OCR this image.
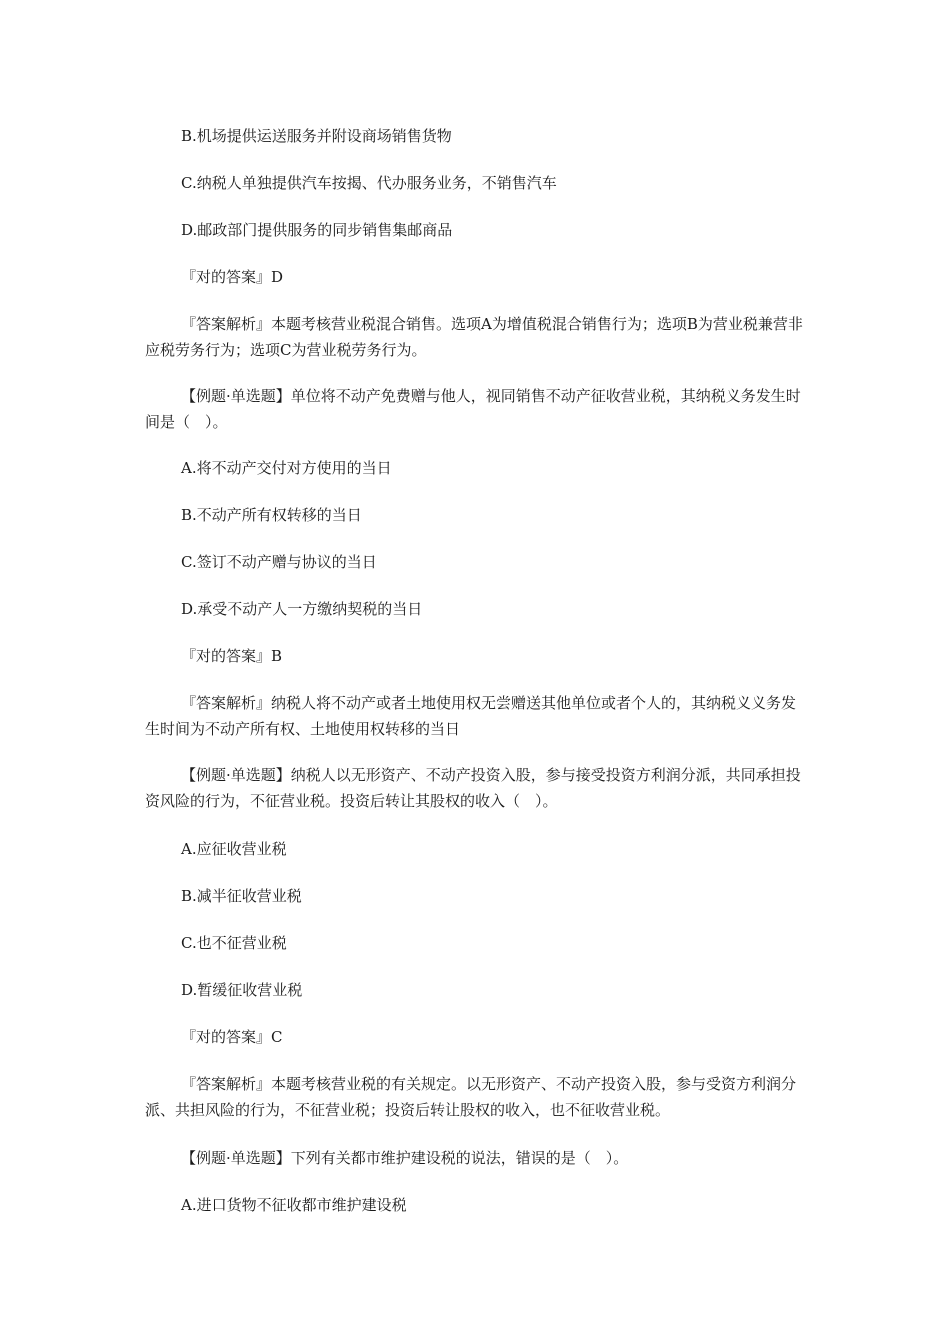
B.机场提供运送服务并附设商场销售货物

C.纳税人单独提供汽车按揭、代办服务业务，不销售汽车

D.邮政部门提供服务的同步销售集邮商品

『对的答案』D

『答案解析』本题考核营业税混合销售。选项A为增值税混合销售行为；选项B为营业税兼营非应税劳务行为；选项C为营业税劳务行为。

【例题·单选题】单位将不动产免费赠与他人，视同销售不动产征收营业税，其纳税义务发生时间是（　）。

A.将不动产交付对方使用的当日

B.不动产所有权转移的当日

C.签订不动产赠与协议的当日

D.承受不动产人一方缴纳契税的当日

『对的答案』B

『答案解析』纳税人将不动产或者土地使用权无尝赠送其他单位或者个人的，其纳税义义务发生时间为不动产所有权、土地使用权转移的当日

【例题·单选题】纳税人以无形资产、不动产投资入股，参与接受投资方利润分派，共同承担投资风险的行为，不征营业税。投资后转让其股权的收入（　）。

A.应征收营业税

B.减半征收营业税

C.也不征营业税

D.暂缓征收营业税

『对的答案』C

『答案解析』本题考核营业税的有关规定。以无形资产、不动产投资入股，参与受资方利润分派、共担风险的行为，不征营业税；投资后转让股权的收入，也不征收营业税。

【例题·单选题】下列有关都市维护建设税的说法，错误的是（　）。

A.进口货物不征收都市维护建设税
